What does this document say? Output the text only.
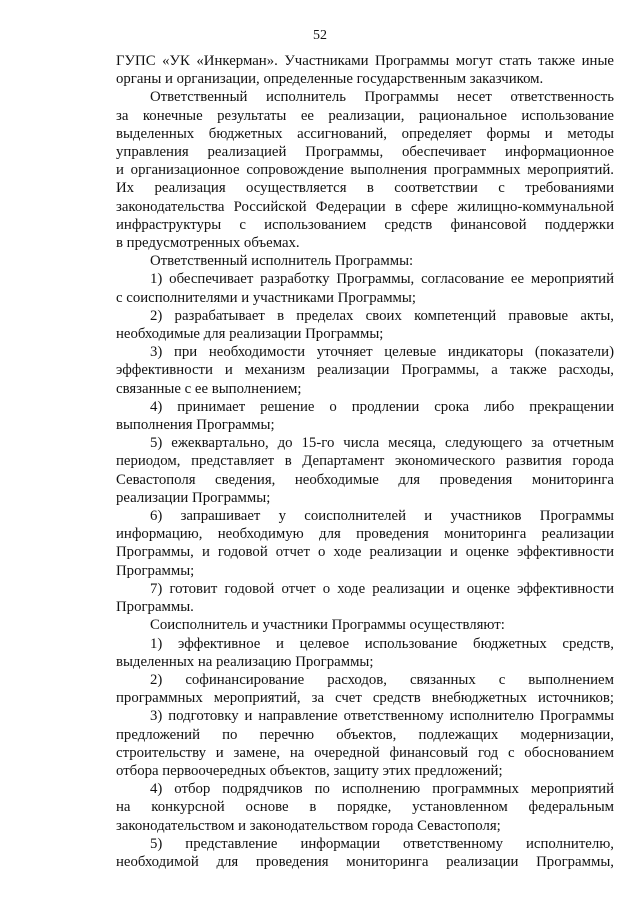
52
ГУПС «УК «Инкерман». Участниками Программы могут стать также иные
органы и организации, определенные государственным заказчиком.
Ответственный исполнитель Программы несет ответственность
за конечные результаты ее реализации, рациональное использование
выделенных бюджетных ассигнований, определяет формы и методы
управления реализацией Программы, обеспечивает информационное
и организационное сопровождение выполнения программных мероприятий.
Их реализация осуществляется в соответствии с требованиями
законодательства Российской Федерации в сфере жилищно-коммунальной
инфраструктуры с использованием средств финансовой поддержки
в предусмотренных объемах.
Ответственный исполнитель Программы:
1) обеспечивает разработку Программы, согласование ее мероприятий
с соисполнителями и участниками Программы;
2) разрабатывает в пределах своих компетенций правовые акты,
необходимые для реализации Программы;
3) при необходимости уточняет целевые индикаторы (показатели)
эффективности и механизм реализации Программы, а также расходы,
связанные с ее выполнением;
4) принимает решение о продлении срока либо прекращении
выполнения Программы;
5) ежеквартально, до 15-го числа месяца, следующего за отчетным
периодом, представляет в Департамент экономического развития города
Севастополя сведения, необходимые для проведения мониторинга
реализации Программы;
6) запрашивает у соисполнителей и участников Программы
информацию, необходимую для проведения мониторинга реализации
Программы, и годовой отчет о ходе реализации и оценке эффективности
Программы;
7) готовит годовой отчет о ходе реализации и оценке эффективности
Программы.
Соисполнитель и участники Программы осуществляют:
1) эффективное и целевое использование бюджетных средств,
выделенных на реализацию Программы;
2) софинансирование расходов, связанных с выполнением
программных мероприятий, за счет средств внебюджетных источников;
3) подготовку и направление ответственному исполнителю Программы
предложений по перечню объектов, подлежащих модернизации,
строительству и замене, на очередной финансовый год с обоснованием
отбора первоочередных объектов, защиту этих предложений;
4) отбор подрядчиков по исполнению программных мероприятий
на конкурсной основе в порядке, установленном федеральным
законодательством и законодательством города Севастополя;
5) представление информации ответственному исполнителю,
необходимой для проведения мониторинга реализации Программы,
